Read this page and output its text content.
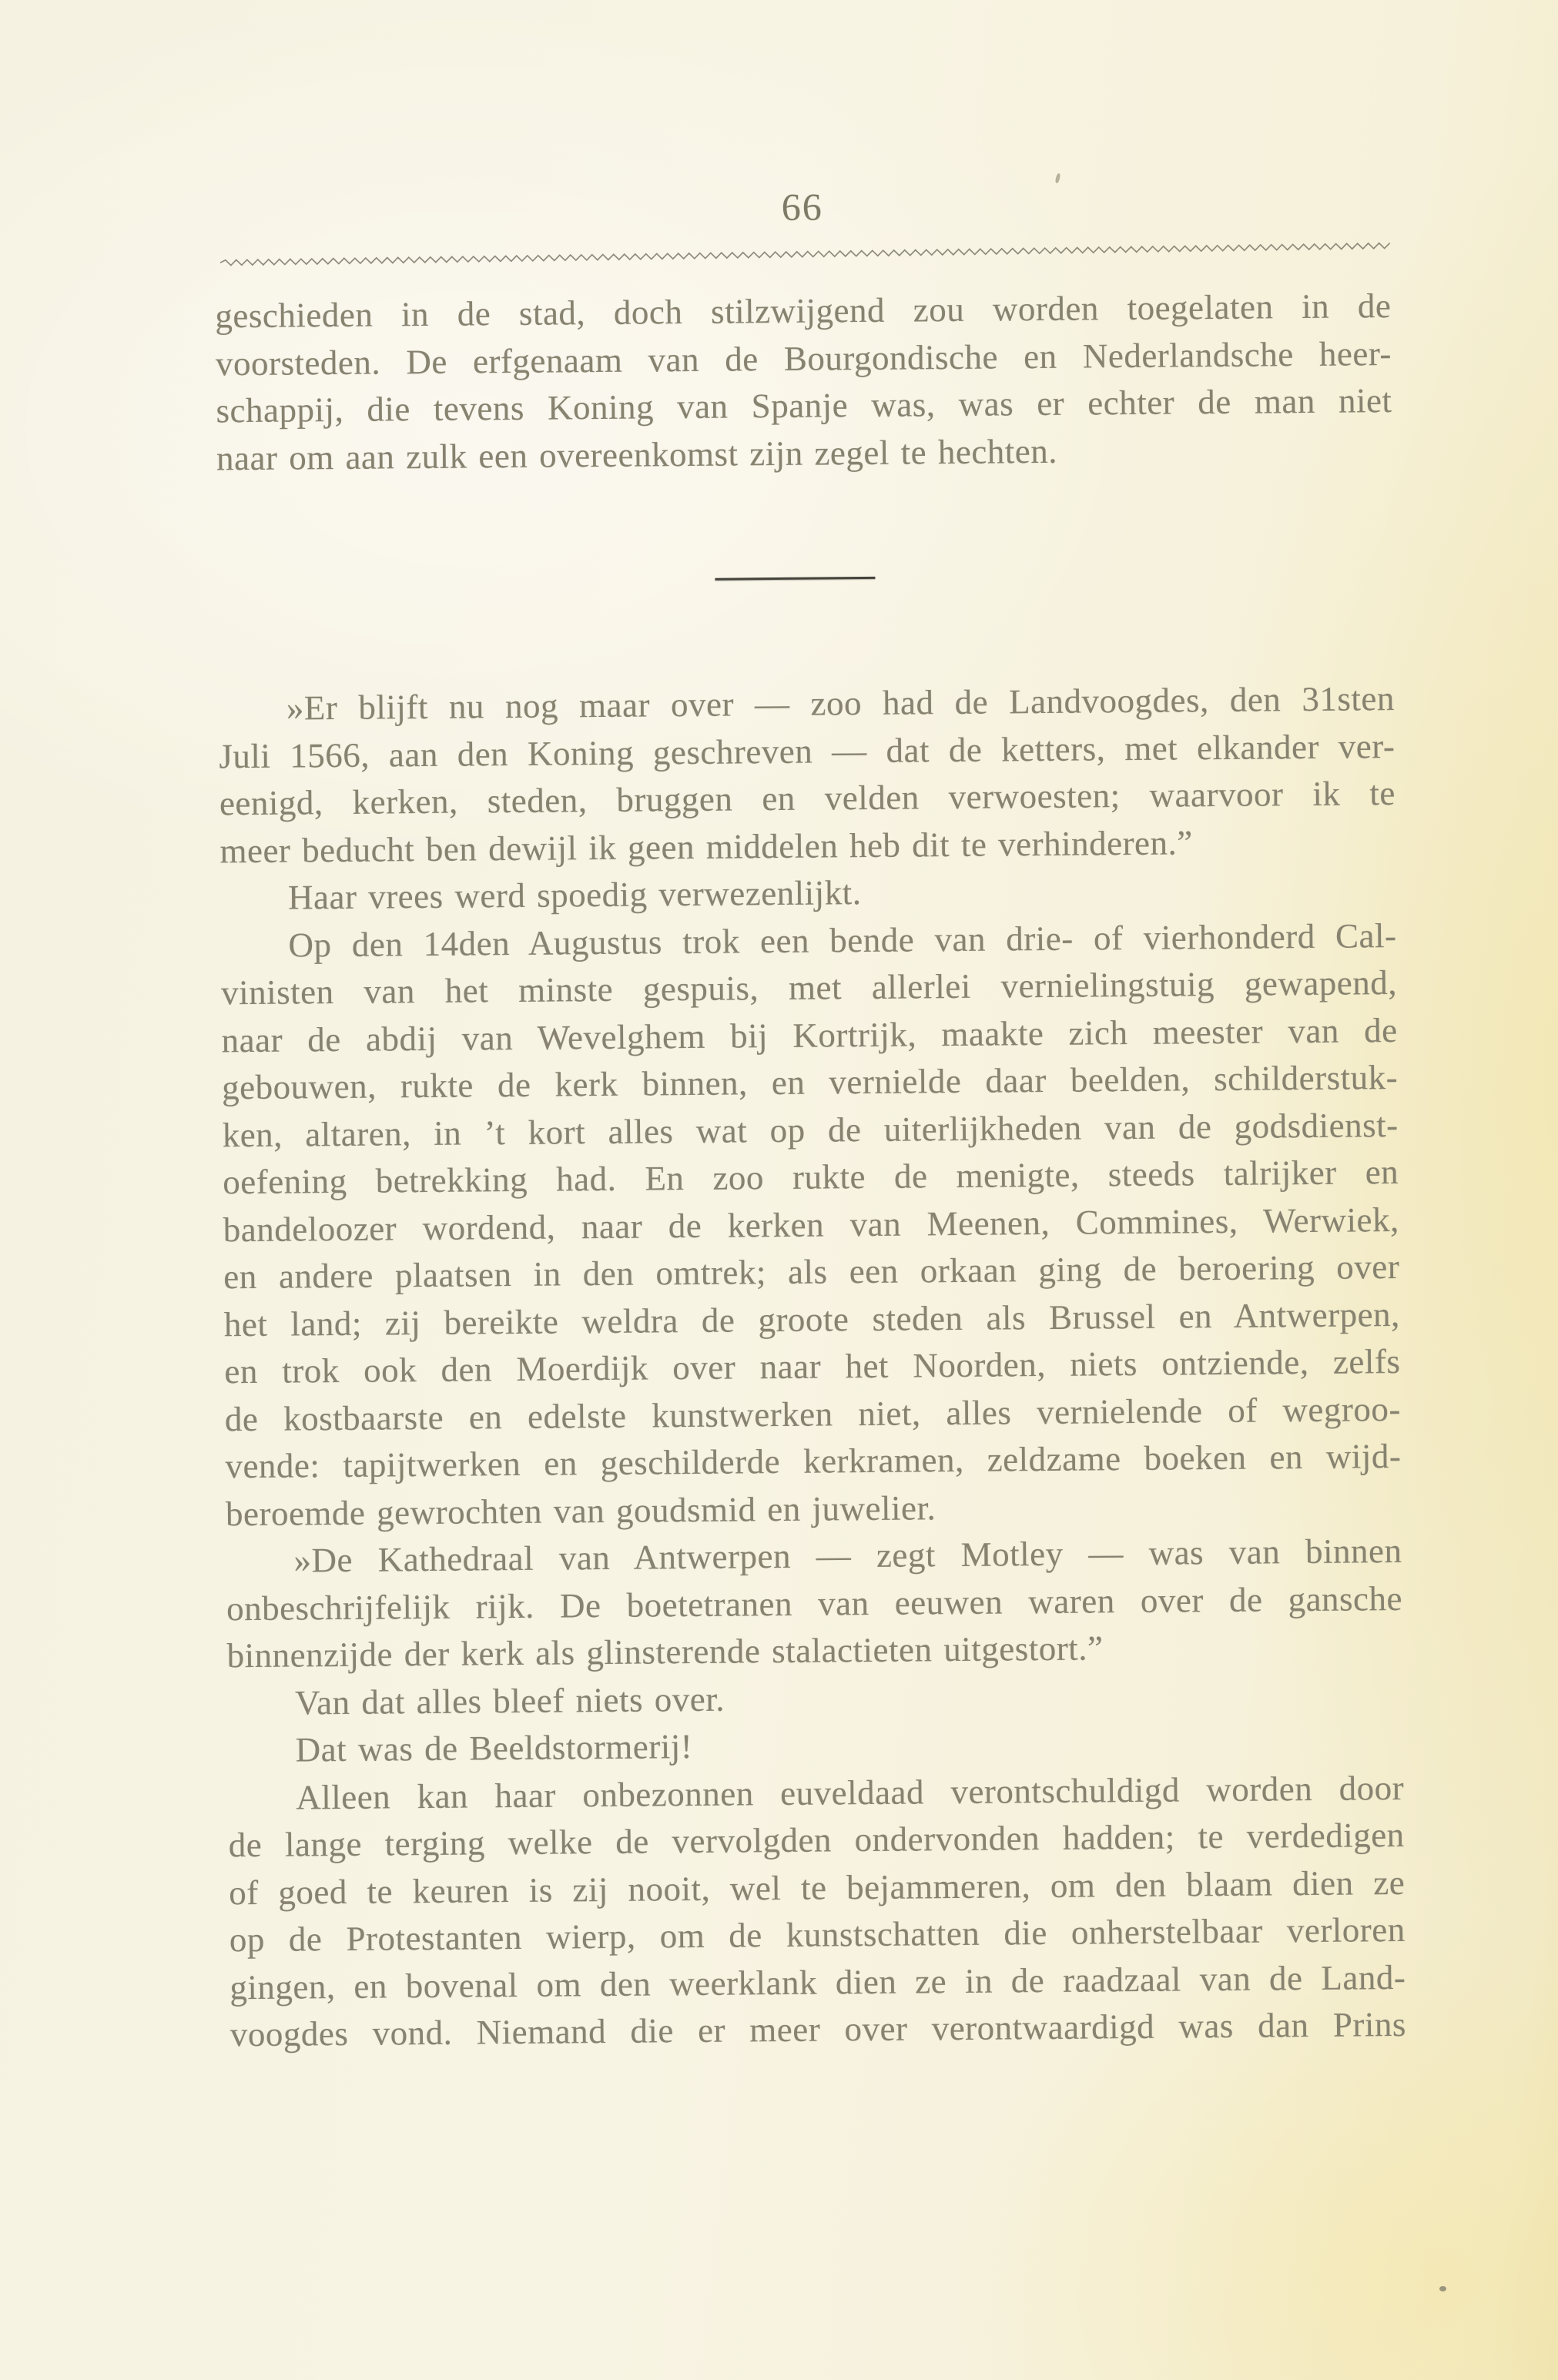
66
geschieden in de stad, doch stilzwijgend zou worden toegelaten in de
voorsteden. De erfgenaam van de Bourgondische en Nederlandsche heer-
schappij, die tevens Koning van Spanje was, was er echter de man niet
naar om aan zulk een overeenkomst zijn zegel te hechten.
»Er blijft nu nog maar over — zoo had de Landvoogdes, den 31sten
Juli 1566, aan den Koning geschreven — dat de ketters, met elkander ver-
eenigd, kerken, steden, bruggen en velden verwoesten; waarvoor ik te
meer beducht ben dewijl ik geen middelen heb dit te verhinderen.”
Haar vrees werd spoedig verwezenlijkt.
Op den 14den Augustus trok een bende van drie- of vierhonderd Cal-
vinisten van het minste gespuis, met allerlei vernielingstuig gewapend,
naar de abdij van Wevelghem bij Kortrijk, maakte zich meester van de
gebouwen, rukte de kerk binnen, en vernielde daar beelden, schilderstuk-
ken, altaren, in ’t kort alles wat op de uiterlijkheden van de godsdienst-
oefening betrekking had. En zoo rukte de menigte, steeds talrijker en
bandeloozer wordend, naar de kerken van Meenen, Commines, Werwiek,
en andere plaatsen in den omtrek; als een orkaan ging de beroering over
het land; zij bereikte weldra de groote steden als Brussel en Antwerpen,
en trok ook den Moerdijk over naar het Noorden, niets ontziende, zelfs
de kostbaarste en edelste kunstwerken niet, alles vernielende of wegroo-
vende: tapijtwerken en geschilderde kerkramen, zeldzame boeken en wijd-
beroemde gewrochten van goudsmid en juwelier.
»De Kathedraal van Antwerpen — zegt Motley — was van binnen
onbeschrijfelijk rijk. De boetetranen van eeuwen waren over de gansche
binnenzijde der kerk als glinsterende stalactieten uitgestort.”
Van dat alles bleef niets over.
Dat was de Beeldstormerij!
Alleen kan haar onbezonnen euveldaad verontschuldigd worden door
de lange terging welke de vervolgden ondervonden hadden; te verdedigen
of goed te keuren is zij nooit, wel te bejammeren, om den blaam dien ze
op de Protestanten wierp, om de kunstschatten die onherstelbaar verloren
gingen, en bovenal om den weerklank dien ze in de raadzaal van de Land-
voogdes vond. Niemand die er meer over verontwaardigd was dan Prins
